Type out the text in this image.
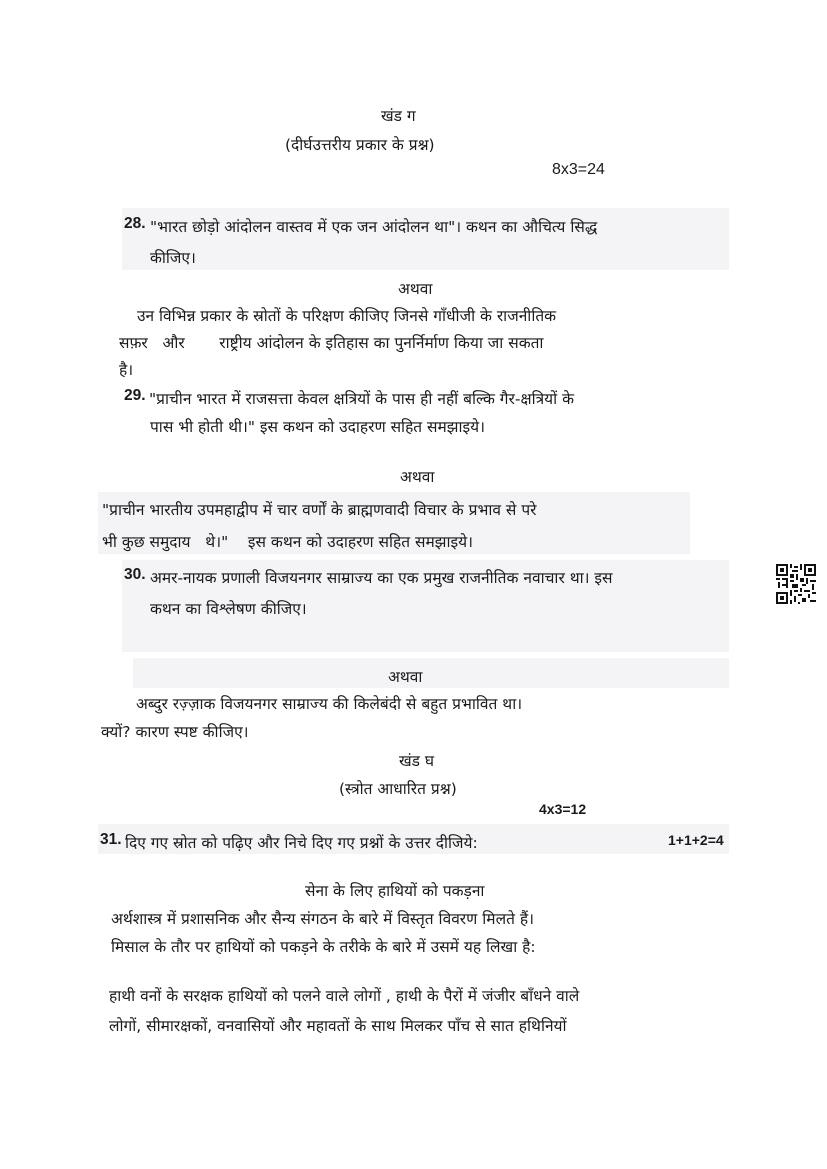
खंड ग
(दीर्घउत्तरीय प्रकार के प्रश्न)
8x3=24
28. "भारत छोड़ो आंदोलन वास्तव में एक जन आंदोलन था"। कथन का औचित्य सिद्ध
कीजिए।
अथवा
उन विभिन्न प्रकार के स्रोतों के परिक्षण कीजिए जिनसे गाँधीजी के राजनीतिक
सफ़र   और       राष्ट्रीय आंदोलन के इतिहास का पुनर्निर्माण किया जा सकता
है।
29. "प्राचीन भारत में राजसत्ता केवल क्षत्रियों के पास ही नहीं बल्कि गैर-क्षत्रियों के
पास भी होती थी।" इस कथन को उदाहरण सहित समझाइये।
अथवा
"प्राचीन भारतीय उपमहाद्वीप में चार वर्णों के ब्राह्मणवादी विचार के प्रभाव से परे
भी कुछ समुदाय   थे।"    इस कथन को उदाहरण सहित समझाइये।
30. अमर-नायक प्रणाली विजयनगर साम्राज्य का एक प्रमुख राजनीतिक नवाचार था। इस
कथन का विश्लेषण कीजिए।
अथवा
अब्दुर रज़्ज़ाक विजयनगर साम्राज्य की किलेबंदी से बहुत प्रभावित था।
क्यों? कारण स्पष्ट कीजिए।
खंड घ
(स्त्रोत आधारित प्रश्न)
4x3=12
31. दिए गए स्रोत को पढ़िए और निचे दिए गए प्रश्नों के उत्तर दीजिये:	1+1+2=4
सेना के लिए हाथियों को पकड़ना
अर्थशास्त्र में प्रशासनिक और सैन्य संगठन के बारे में विस्तृत विवरण मिलते हैं।
मिसाल के तौर पर हाथियों को पकड़ने के तरीके के बारे में उसमें यह लिखा है:
हाथी वनों के सरक्षक हाथियों को पलने वाले लोगों , हाथी के पैरों में जंजीर बाँधने वाले
लोगों, सीमारक्षकों, वनवासियों और महावतों के साथ मिलकर पाँच से सात हथिनियों
